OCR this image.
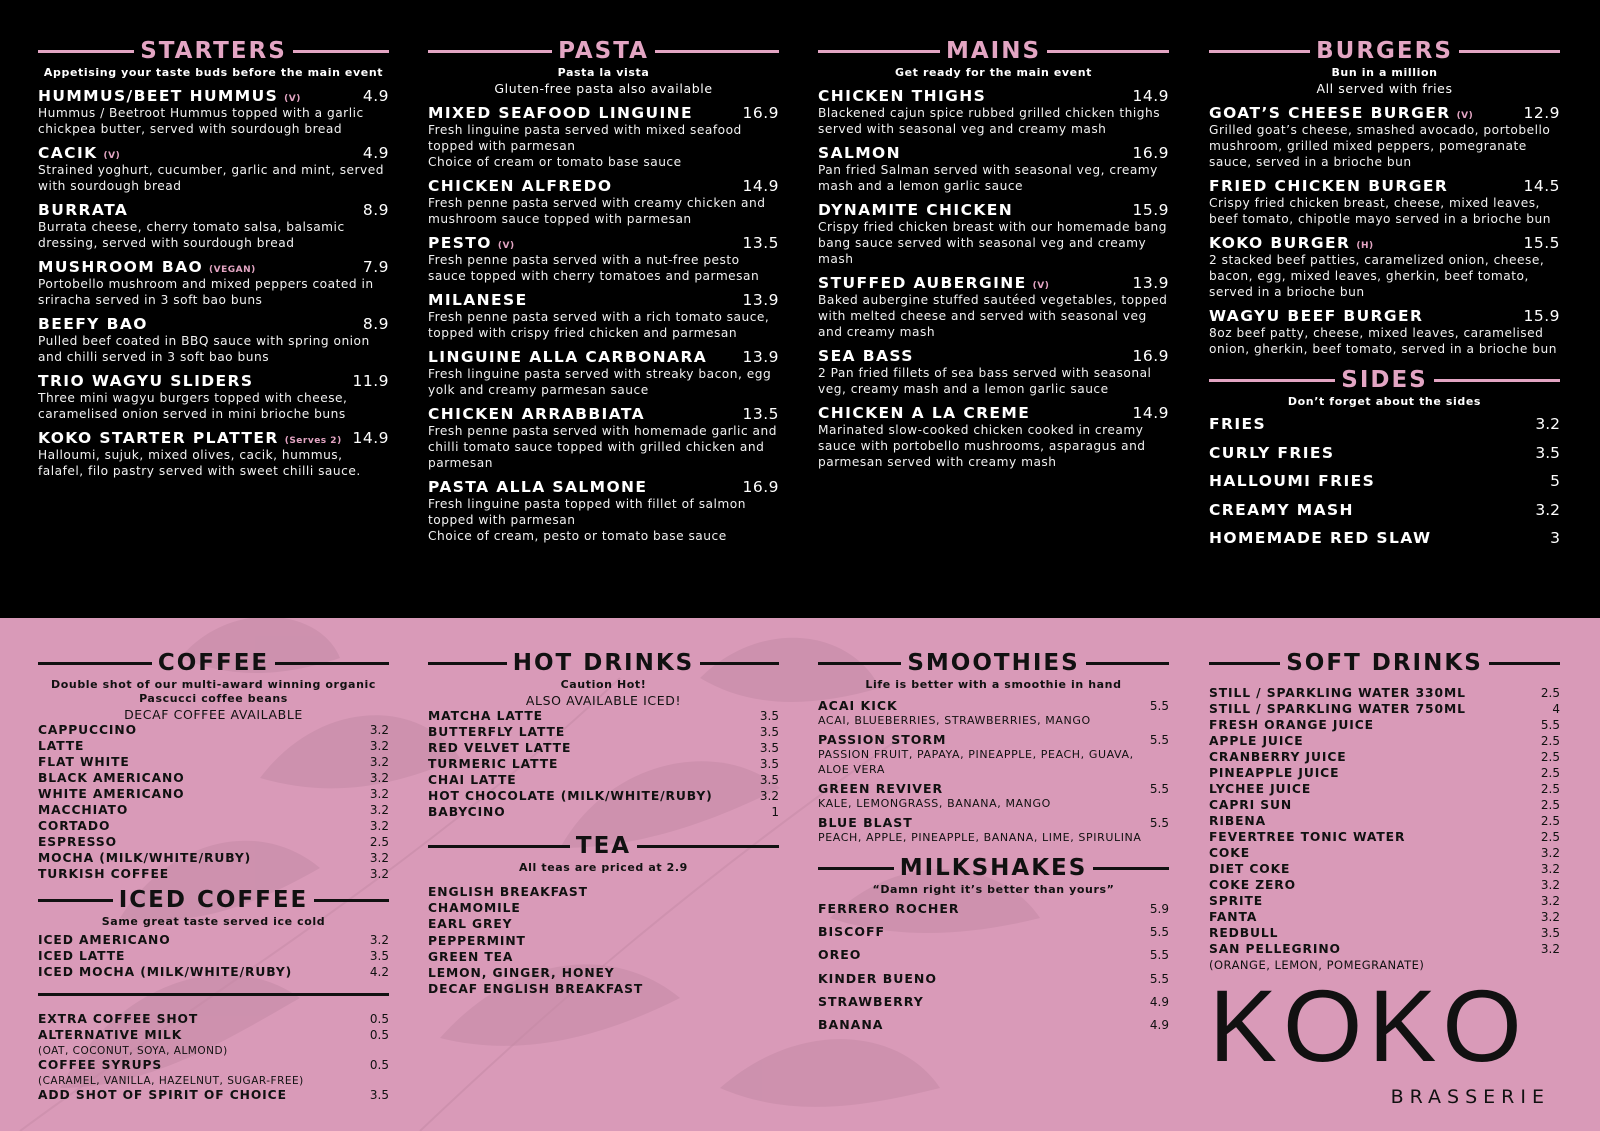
STARTERS
Appetising your taste buds before the main event
HUMMUS/BEET HUMMUS (V)	4.9
Hummus / Beetroot Hummus topped with a garlic chickpea butter, served with sourdough bread
CACIK (V)	4.9
Strained yoghurt, cucumber, garlic and mint, served with sourdough bread
BURRATA	8.9
Burrata cheese, cherry tomato salsa, balsamic dressing, served with sourdough bread
MUSHROOM BAO (VEGAN)	7.9
Portobello mushroom and mixed peppers coated in sriracha served in 3 soft bao buns
BEEFY BAO	8.9
Pulled beef coated in BBQ sauce with spring onion and chilli served in 3 soft bao buns
TRIO WAGYU SLIDERS	11.9
Three mini wagyu burgers topped with cheese, caramelised onion served in mini brioche buns
KOKO STARTER PLATTER (Serves 2) 14.9
Halloumi, sujuk, mixed olives, cacik, hummus, falafel, filo pastry served with sweet chilli sauce.
PASTA
Pasta la vista
Gluten-free pasta also available
MIXED SEAFOOD LINGUINE	16.9
Fresh linguine pasta served with mixed seafood topped with parmesan
Choice of cream or tomato base sauce
CHICKEN ALFREDO	14.9
Fresh penne pasta served with creamy chicken and mushroom sauce topped with parmesan
PESTO (V)	13.5
Fresh penne pasta served with a nut-free pesto sauce topped with cherry tomatoes and parmesan
MILANESE	13.9
Fresh penne pasta served with a rich tomato sauce, topped with crispy fried chicken and parmesan
LINGUINE ALLA CARBONARA 13.9
Fresh linguine pasta served with streaky bacon, egg yolk and creamy parmesan sauce
CHICKEN ARRABBIATA	13.5
Fresh penne pasta served with homemade garlic and chilli tomato sauce topped with grilled chicken and parmesan
PASTA ALLA SALMONE	16.9
Fresh linguine pasta topped with fillet of salmon topped with parmesan
Choice of cream, pesto or tomato base sauce
MAINS
Get ready for the main event
CHICKEN THIGHS	14.9
Blackened cajun spice rubbed grilled chicken thighs served with seasonal veg and creamy mash
SALMON	16.9
Pan fried Salman served with seasonal veg, creamy mash and a lemon garlic sauce
DYNAMITE CHICKEN	15.9
Crispy fried chicken breast with our homemade bang bang sauce served with seasonal veg and creamy mash
STUFFED AUBERGINE (V)	13.9
Baked aubergine stuffed sautéed vegetables, topped with melted cheese and served with seasonal veg and creamy mash
SEA BASS	16.9
2 Pan fried fillets of sea bass served with seasonal veg, creamy mash and a lemon garlic sauce
CHICKEN A LA CREME	14.9
Marinated slow-cooked chicken cooked in creamy sauce with portobello mushrooms, asparagus and parmesan served with creamy mash
BURGERS
Bun in a million
All served with fries
GOAT’S CHEESE BURGER (V)	12.9
Grilled goat’s cheese, smashed avocado, portobello mushroom, grilled mixed peppers, pomegranate sauce, served in a brioche bun
FRIED CHICKEN BURGER	14.5
Crispy fried chicken breast, cheese, mixed leaves, beef tomato, chipotle mayo served in a brioche bun
KOKO BURGER (H)	15.5
2 stacked beef patties, caramelized onion, cheese, bacon, egg, mixed leaves, gherkin, beef tomato, served in a brioche bun
WAGYU BEEF BURGER	15.9
8oz beef patty, cheese, mixed leaves, caramelised onion, gherkin, beef tomato, served in a brioche bun
SIDES
Don’t forget about the sides
FRIES	3.2
CURLY FRIES	3.5
HALLOUMI FRIES	5
CREAMY MASH	3.2
HOMEMADE RED SLAW	3
COFFEE
Double shot of our multi-award winning organic Pascucci coffee beans
DECAF COFFEE AVAILABLE
CAPPUCCINO	3.2
LATTE	3.2
FLAT WHITE	3.2
BLACK AMERICANO	3.2
WHITE AMERICANO	3.2
MACCHIATO	3.2
CORTADO	3.2
ESPRESSO	2.5
MOCHA (MILK/WHITE/RUBY)	3.2
TURKISH COFFEE	3.2
ICED COFFEE
Same great taste served ice cold
ICED AMERICANO	3.2
ICED LATTE	3.5
ICED MOCHA (MILK/WHITE/RUBY)	4.2
EXTRA COFFEE SHOT	0.5
ALTERNATIVE MILK	0.5
(OAT, COCONUT, SOYA, ALMOND)
COFFEE SYRUPS	0.5
(CARAMEL, VANILLA, HAZELNUT, SUGAR-FREE)
ADD SHOT OF SPIRIT OF CHOICE	3.5
HOT DRINKS
Caution Hot!
ALSO AVAILABLE ICED!
MATCHA LATTE	3.5
BUTTERFLY LATTE	3.5
RED VELVET LATTE	3.5
TURMERIC LATTE	3.5
CHAI LATTE	3.5
HOT CHOCOLATE (MILK/WHITE/RUBY)	3.2
BABYCINO	1
TEA
All teas are priced at 2.9
ENGLISH BREAKFAST
CHAMOMILE
EARL GREY
PEPPERMINT
GREEN TEA
LEMON, GINGER, HONEY
DECAF ENGLISH BREAKFAST
SMOOTHIES
Life is better with a smoothie in hand
ACAI KICK	5.5
ACAI, BLUEBERRIES, STRAWBERRIES, MANGO
PASSION STORM	5.5
PASSION FRUIT, PAPAYA, PINEAPPLE, PEACH, GUAVA, ALOE VERA
GREEN REVIVER	5.5
KALE, LEMONGRASS, BANANA, MANGO
BLUE BLAST	5.5
PEACH, APPLE, PINEAPPLE, BANANA, LIME, SPIRULINA
MILKSHAKES
“Damn right it’s better than yours”
FERRERO ROCHER	5.9
BISCOFF	5.5
OREO	5.5
KINDER BUENO	5.5
STRAWBERRY	4.9
BANANA	4.9
SOFT DRINKS
STILL / SPARKLING WATER 330ML	2.5
STILL / SPARKLING WATER 750ML	4
FRESH ORANGE JUICE	5.5
APPLE JUICE	2.5
CRANBERRY JUICE	2.5
PINEAPPLE JUICE	2.5
LYCHEE JUICE	2.5
CAPRI SUN	2.5
RIBENA	2.5
FEVERTREE TONIC WATER	2.5
COKE	3.2
DIET COKE	3.2
COKE ZERO	3.2
SPRITE	3.2
FANTA	3.2
REDBULL	3.5
SAN PELLEGRINO	3.2
(ORANGE, LEMON, POMEGRANATE)
KOKO
BRASSERIE
